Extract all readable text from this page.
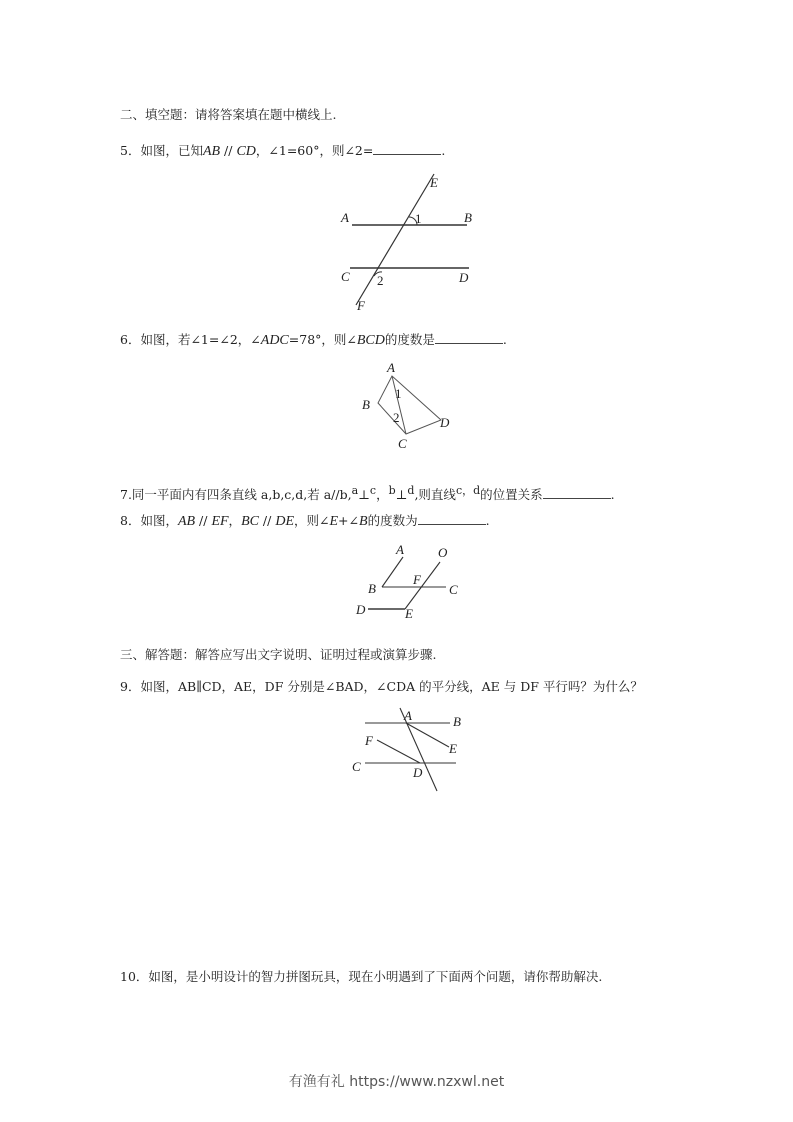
二、填空题：请将答案填在题中横线上.
5．如图，已知AB // CD，∠1=60°，则∠2=	.
6．如图，若∠1=∠2，∠ADC=78°，则∠BCD的度数是	.
7.同一平面内有四条直线 a,b,c,d,若 a//b,$^a$⊥$^c$，$^b$⊥$^d$,则直线$^{c,d}$的位置关系	.
8．如图，AB // EF，BC // DE，则∠E+∠B的度数为	.
三、解答题：解答应写出文字说明、证明过程或演算步骤.
9．如图，AB∥CD，AE，DF 分别是∠BAD，∠CDA 的平分线，AE 与 DF 平行吗？为什么？
10．如图，是小明设计的智力拼图玩具，现在小明遇到了下面两个问题，请你帮助解决.
E
A	1	B
C 2	D
F
A
B
1
2	D
C
A	O
B
F
C
D	E
A	B
F
E
C	D
有渔有礼 https://www.nzxwl.net
